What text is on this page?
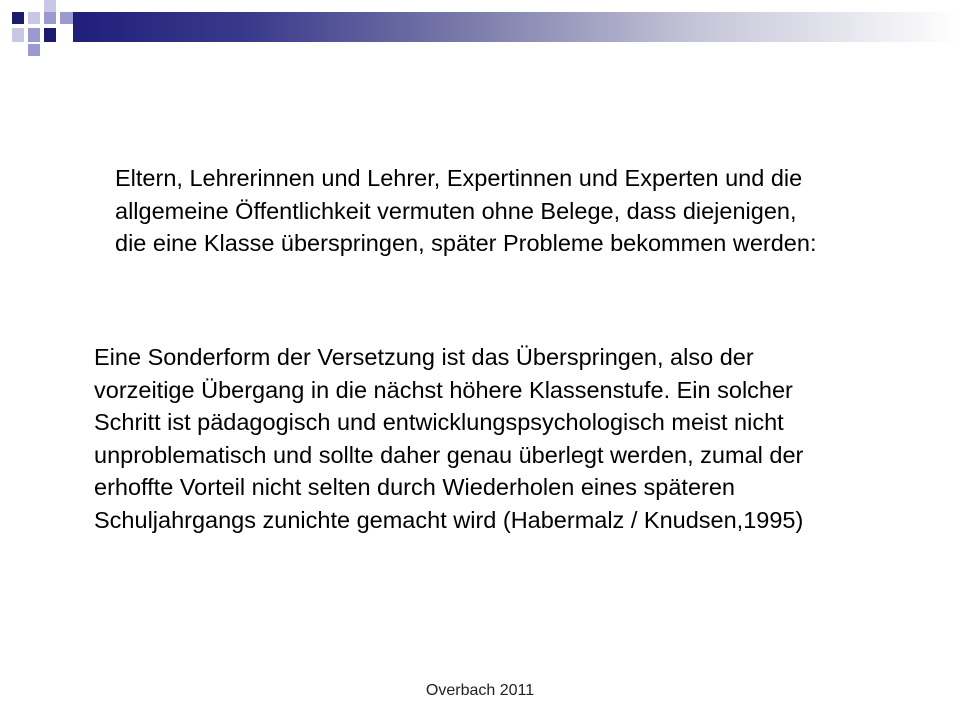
Eltern, Lehrerinnen und Lehrer, Expertinnen und Experten und die
allgemeine Öffentlichkeit vermuten ohne Belege, dass diejenigen,
die eine Klasse überspringen, später Probleme bekommen werden:
Eine Sonderform der Versetzung ist das Überspringen, also der
vorzeitige Übergang in die nächst höhere Klassenstufe. Ein solcher
Schritt ist pädagogisch und entwicklungspsychologisch meist nicht
unproblematisch und sollte daher genau überlegt werden, zumal der
erhoffte Vorteil nicht selten durch Wiederholen eines späteren
Schuljahrgangs zunichte gemacht wird (Habermalz / Knudsen,1995)
Overbach 2011
